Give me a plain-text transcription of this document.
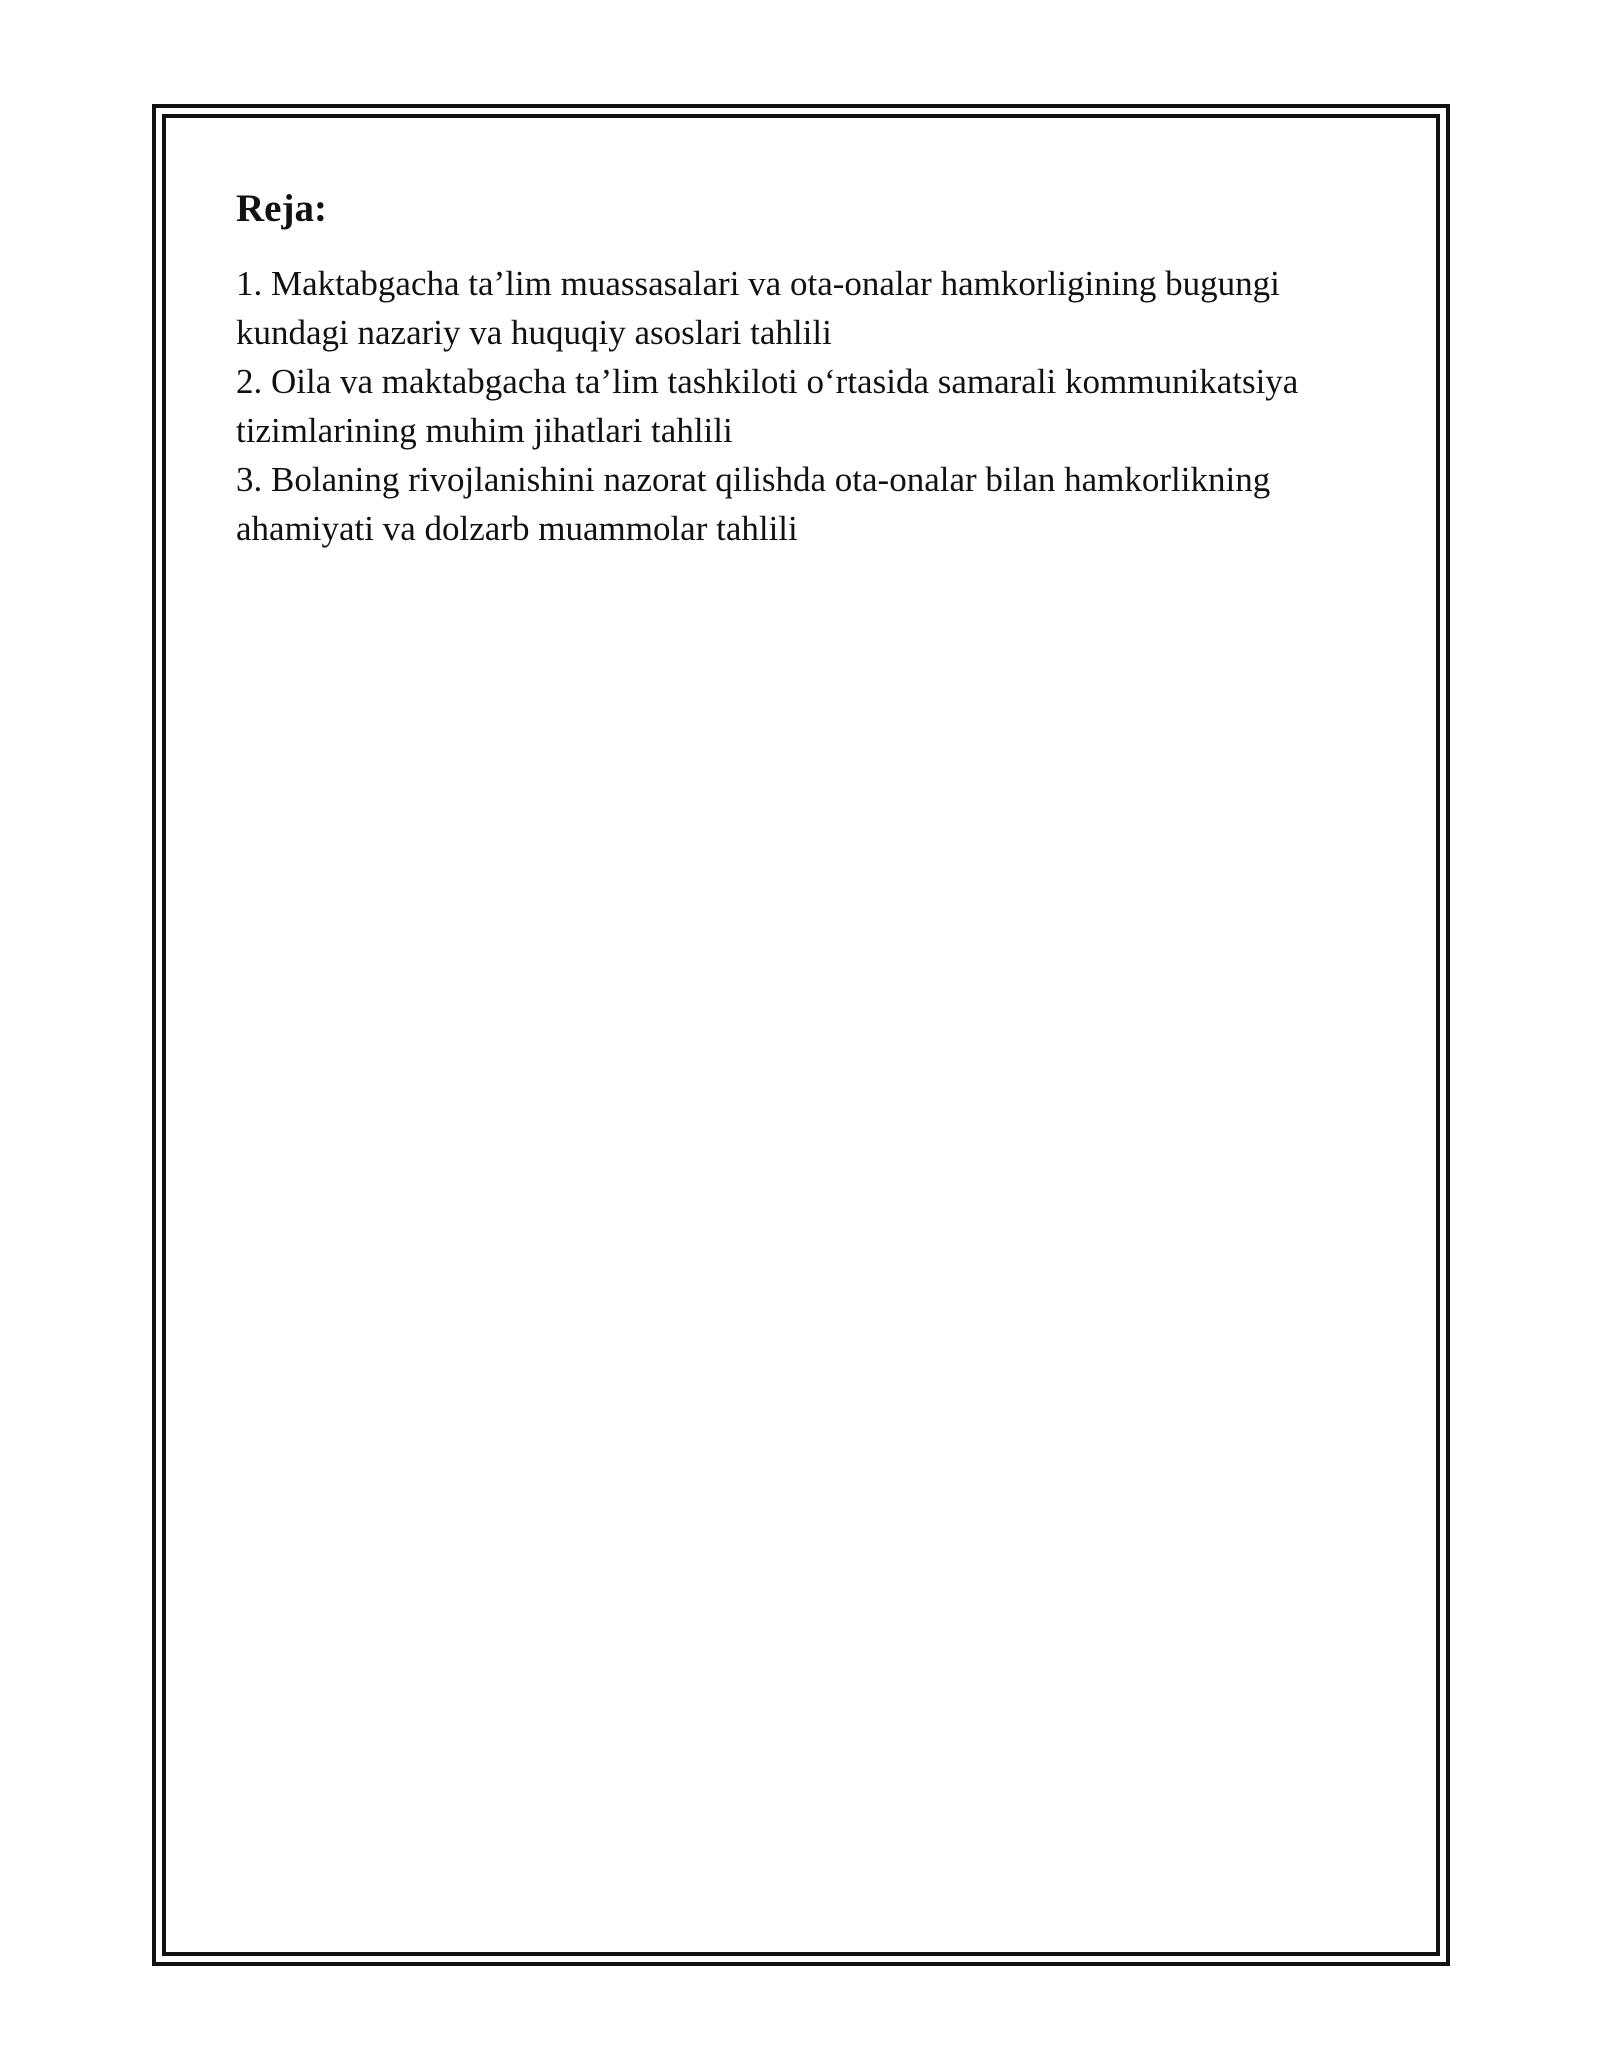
Reja:
1. Maktabgacha ta’lim muassasalari va ota-onalar hamkorligining bugungi kundagi nazariy va huquqiy asoslari tahlili
2. Oila va maktabgacha ta’lim tashkiloti o‘rtasida samarali kommunikatsiya tizimlarining muhim jihatlari tahlili
3. Bolaning rivojlanishini nazorat qilishda ota-onalar bilan hamkorlikning ahamiyati va dolzarb muammolar tahlili
